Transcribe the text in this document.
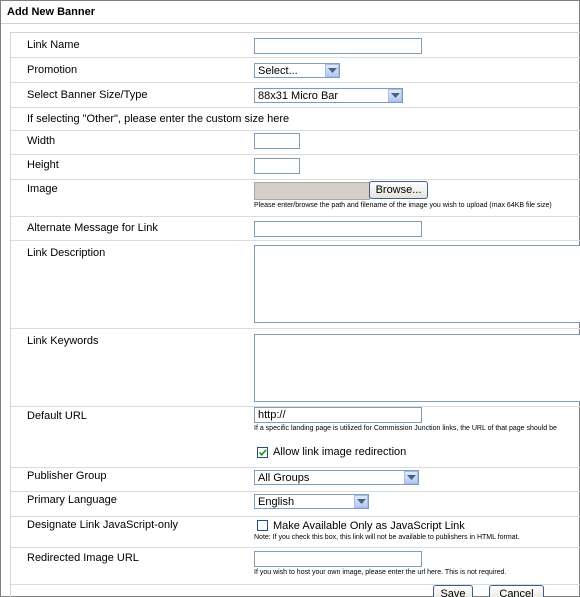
Add New Banner
Link Name
Promotion	Select...
Select Banner Size/Type	88x31 Micro Bar
If selecting "Other", please enter the custom size here
Width
Height
Image	Browse...
Please enter/browse the path and filename of the image you wish to upload (max 64KB file size)
Alternate Message for Link
Link Description
Link Keywords
Default URL	http://
If a specific landing page is utilized for Commission Junction links, the URL of that page should be
Allow link image redirection
Publisher Group	All Groups
Primary Language	English
Designate Link JavaScript-only	Make Available Only as JavaScript Link
Note: If you check this box, this link will not be available to publishers in HTML format.
Redirected Image URL
If you wish to host your own image, please enter the url here. This is not required.
Save	Cancel
